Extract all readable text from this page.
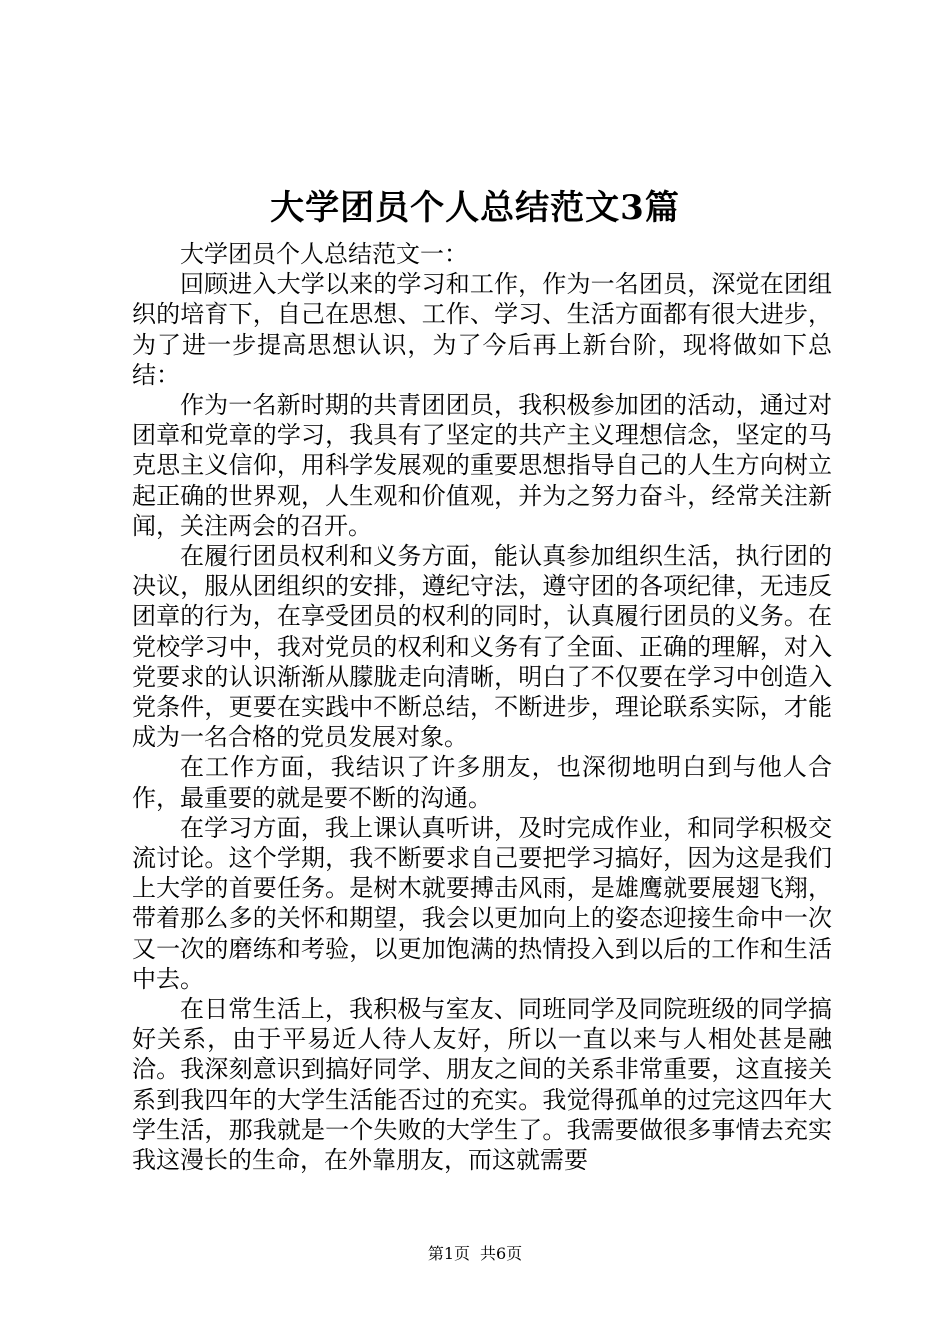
大学团员个人总结范文3篇

大学团员个人总结范文一：

回顾进入大学以来的学习和工作，作为一名团员，深觉在团组织的培育下，自己在思想、工作、学习、生活方面都有很大进步，为了进一步提高思想认识，为了今后再上新台阶，现将做如下总结：

作为一名新时期的共青团团员，我积极参加团的活动，通过对团章和党章的学习，我具有了坚定的共产主义理想信念，坚定的马克思主义信仰，用科学发展观的重要思想指导自己的人生方向树立起正确的世界观，人生观和价值观，并为之努力奋斗，经常关注新闻，关注两会的召开。

在履行团员权利和义务方面，能认真参加组织生活，执行团的决议，服从团组织的安排，遵纪守法，遵守团的各项纪律，无违反团章的行为，在享受团员的权利的同时，认真履行团员的义务。在党校学习中，我对党员的权利和义务有了全面、正确的理解，对入党要求的认识渐渐从朦胧走向清晰，明白了不仅要在学习中创造入党条件，更要在实践中不断总结，不断进步，理论联系实际，才能成为一名合格的党员发展对象。

在工作方面，我结识了许多朋友，也深彻地明白到与他人合作，最重要的就是要不断的沟通。

在学习方面，我上课认真听讲，及时完成作业，和同学积极交流讨论。这个学期，我不断要求自己要把学习搞好，因为这是我们上大学的首要任务。是树木就要搏击风雨，是雄鹰就要展翅飞翔，带着那么多的关怀和期望，我会以更加向上的姿态迎接生命中一次又一次的磨练和考验，以更加饱满的热情投入到以后的工作和生活中去。

在日常生活上，我积极与室友、同班同学及同院班级的同学搞好关系，由于平易近人待人友好，所以一直以来与人相处甚是融洽。我深刻意识到搞好同学、朋友之间的关系非常重要，这直接关系到我四年的大学生活能否过的充实。我觉得孤单的过完这四年大学生活，那我就是一个失败的大学生了。我需要做很多事情去充实我这漫长的生命，在外靠朋友，而这就需要

第1页 共6页
